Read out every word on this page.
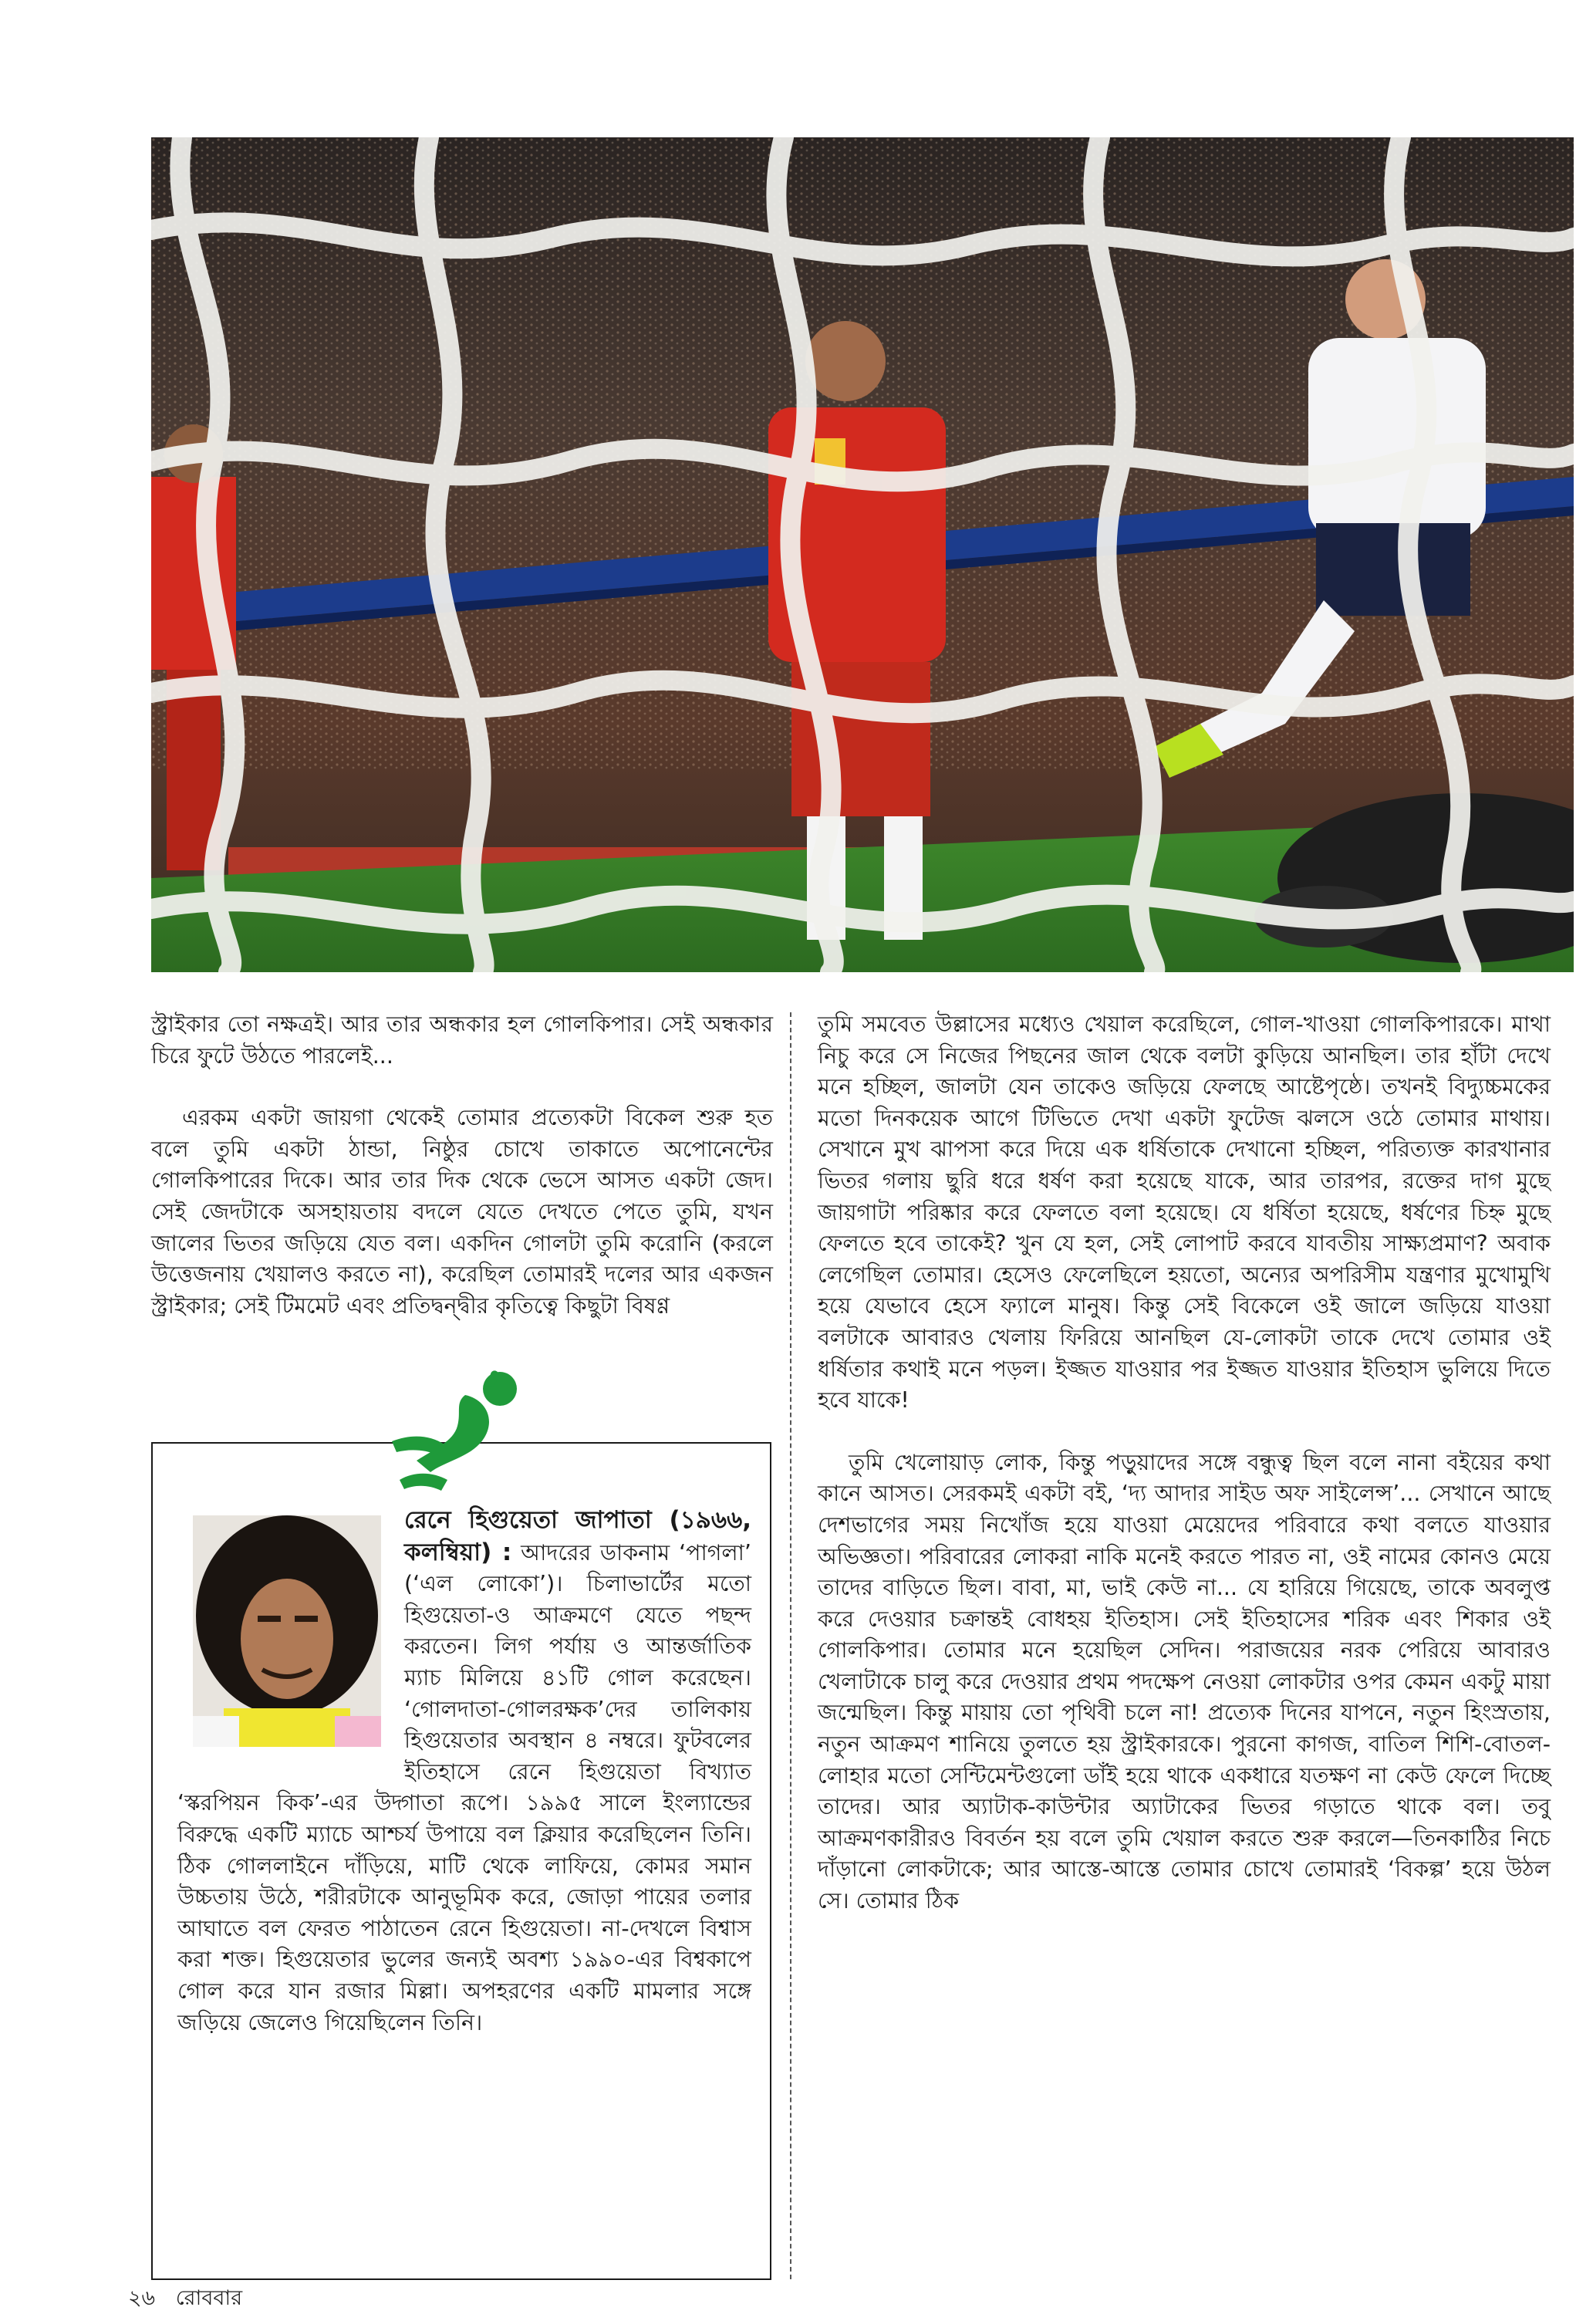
স্ট্রাইকার তো নক্ষত্রই। আর তার অন্ধকার হল গোলকিপার। সেই অন্ধকার চিরে ফুটে উঠতে পারলেই...

এরকম একটা জায়গা থেকেই তোমার প্রত্যেকটা বিকেল শুরু হত বলে তুমি একটা ঠান্ডা, নিষ্ঠুর চোখে তাকাতে অপোনেন্টের গোলকিপারের দিকে। আর তার দিক থেকে ভেসে আসত একটা জেদ। সেই জেদটাকে অসহায়তায় বদলে যেতে দেখতে পেতে তুমি, যখন জালের ভিতর জড়িয়ে যেত বল। একদিন গোলটা তুমি করোনি (করলে উত্তেজনায় খেয়ালও করতে না), করেছিল তোমারই দলের আর একজন স্ট্রাইকার; সেই টিমমেট এবং প্রতিদ্বন্দ্বীর কৃতিত্বে কিছুটা বিষণ্ণ

তুমি সমবেত উল্লাসের মধ্যেও খেয়াল করেছিলে, গোল-খাওয়া গোলকিপারকে। মাথা নিচু করে সে নিজের পিছনের জাল থেকে বলটা কুড়িয়ে আনছিল। তার হাঁটা দেখে মনে হচ্ছিল, জালটা যেন তাকেও জড়িয়ে ফেলছে আষ্টেপৃষ্ঠে। তখনই বিদ্যুচ্চমকের মতো দিনকয়েক আগে টিভিতে দেখা একটা ফুটেজ ঝলসে ওঠে তোমার মাথায়। সেখানে মুখ ঝাপসা করে দিয়ে এক ধর্ষিতাকে দেখানো হচ্ছিল, পরিত্যক্ত কারখানার ভিতর গলায় ছুরি ধরে ধর্ষণ করা হয়েছে যাকে, আর তারপর, রক্তের দাগ মুছে জায়গাটা পরিষ্কার করে ফেলতে বলা হয়েছে। যে ধর্ষিতা হয়েছে, ধর্ষণের চিহ্ন মুছে ফেলতে হবে তাকেই? খুন যে হল, সেই লোপাট করবে যাবতীয় সাক্ষ্যপ্রমাণ? অবাক লেগেছিল তোমার। হেসেও ফেলেছিলে হয়তো, অন্যের অপরিসীম যন্ত্রণার মুখোমুখি হয়ে যেভাবে হেসে ফ্যালে মানুষ। কিন্তু সেই বিকেলে ওই জালে জড়িয়ে যাওয়া বলটাকে আবারও খেলায় ফিরিয়ে আনছিল যে-লোকটা তাকে দেখে তোমার ওই ধর্ষিতার কথাই মনে পড়ল। ইজ্জত যাওয়ার পর ইজ্জত যাওয়ার ইতিহাস ভুলিয়ে দিতে হবে যাকে!

তুমি খেলোয়াড় লোক, কিন্তু পড়ুয়াদের সঙ্গে বন্ধুত্ব ছিল বলে নানা বইয়ের কথা কানে আসত। সেরকমই একটা বই, ‘দ্য আদার সাইড অফ সাইলেন্স’... সেখানে আছে দেশভাগের সময় নিখোঁজ হয়ে যাওয়া মেয়েদের পরিবারে কথা বলতে যাওয়ার অভিজ্ঞতা। পরিবারের লোকরা নাকি মনেই করতে পারত না, ওই নামের কোনও মেয়ে তাদের বাড়িতে ছিল। বাবা, মা, ভাই কেউ না... যে হারিয়ে গিয়েছে, তাকে অবলুপ্ত করে দেওয়ার চক্রান্তই বোধহয় ইতিহাস। সেই ইতিহাসের শরিক এবং শিকার ওই গোলকিপার। তোমার মনে হয়েছিল সেদিন। পরাজয়ের নরক পেরিয়ে আবারও খেলাটাকে চালু করে দেওয়ার প্রথম পদক্ষেপ নেওয়া লোকটার ওপর কেমন একটু মায়া জন্মেছিল। কিন্তু মায়ায় তো পৃথিবী চলে না! প্রত্যেক দিনের যাপনে, নতুন হিংস্রতায়, নতুন আক্রমণ শানিয়ে তুলতে হয় স্ট্রাইকারকে। পুরনো কাগজ, বাতিল শিশি-বোতল-লোহার মতো সেন্টিমেন্টগুলো ডাঁই হয়ে থাকে একধারে যতক্ষণ না কেউ ফেলে দিচ্ছে তাদের। আর অ্যাটাক-কাউন্টার অ্যাটাকের ভিতর গড়াতে থাকে বল। তবু আক্রমণকারীরও বিবর্তন হয় বলে তুমি খেয়াল করতে শুরু করলে—তিনকাঠির নিচে দাঁড়ানো লোকটাকে; আর আস্তে-আস্তে তোমার চোখে তোমারই ‘বিকল্প’ হয়ে উঠল সে। তোমার ঠিক

রেনে হিগুয়েতা জাপাতা (১৯৬৬, কলম্বিয়া) : আদরের ডাকনাম ‘পাগলা’ (‘এল লোকো’)। চিলাভার্টের মতো হিগুয়েতা-ও আক্রমণে যেতে পছন্দ করতেন। লিগ পর্যায় ও আন্তর্জাতিক ম্যাচ মিলিয়ে ৪১টি গোল করেছেন। ‘গোলদাতা-গোলরক্ষক’দের তালিকায় হিগুয়েতার অবস্থান ৪ নম্বরে। ফুটবলের ইতিহাসে রেনে হিগুয়েতা বিখ্যাত ‘স্করপিয়ন কিক’-এর উদ্গাতা রূপে। ১৯৯৫ সালে ইংল্যান্ডের বিরুদ্ধে একটি ম্যাচে আশ্চর্য উপায়ে বল ক্লিয়ার করেছিলেন তিনি। ঠিক গোললাইনে দাঁড়িয়ে, মাটি থেকে লাফিয়ে, কোমর সমান উচ্চতায় উঠে, শরীরটাকে আনুভূমিক করে, জোড়া পায়ের তলার আঘাতে বল ফেরত পাঠাতেন রেনে হিগুয়েতা। না-দেখলে বিশ্বাস করা শক্ত। হিগুয়েতার ভুলের জন্যই অবশ্য ১৯৯০-এর বিশ্বকাপে গোল করে যান রজার মিল্লা। অপহরণের একটি মামলার সঙ্গে জড়িয়ে জেলেও গিয়েছিলেন তিনি।
২৬ রোববার
